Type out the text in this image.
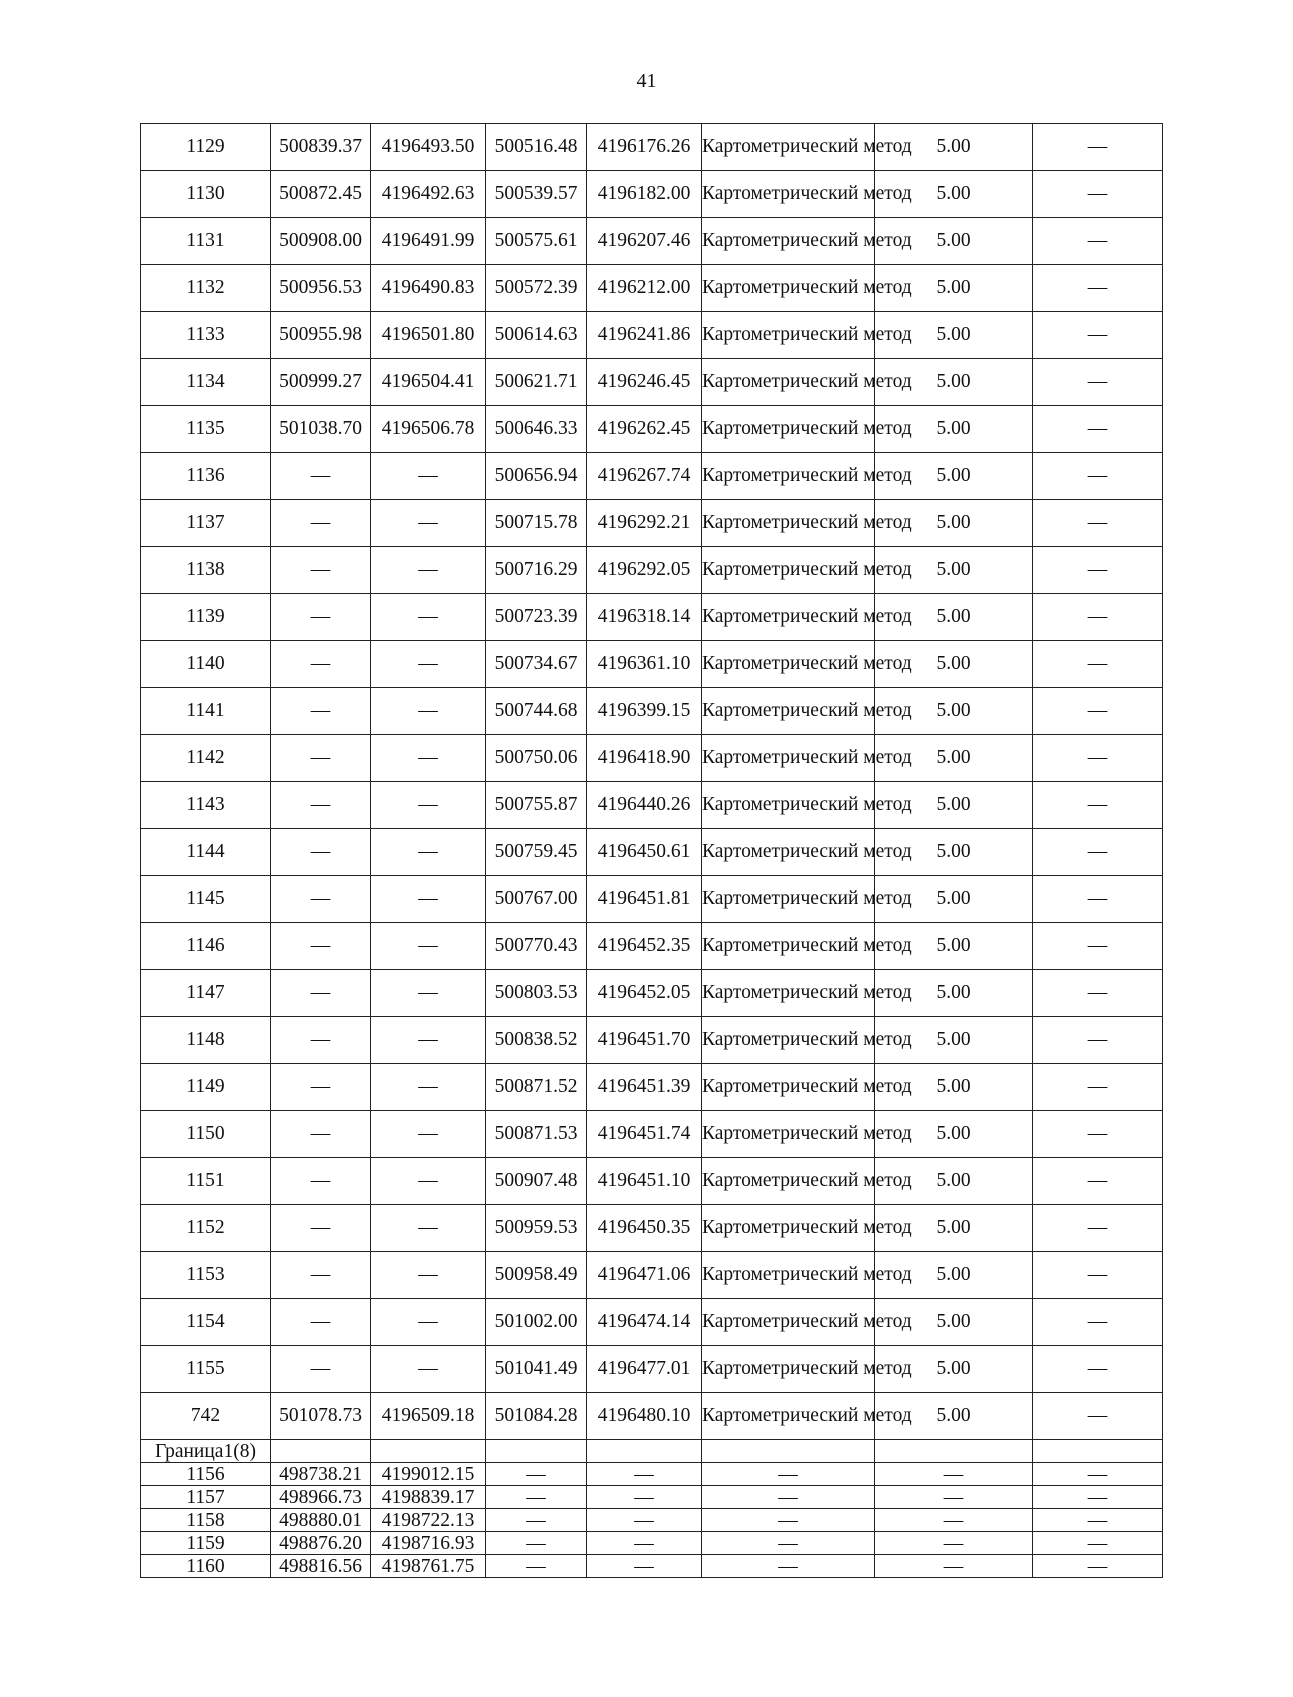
41
1129	500839.37	4196493.50	500516.48	4196176.26	Картометрический метод	5.00	—
1130	500872.45	4196492.63	500539.57	4196182.00	Картометрический метод	5.00	—
1131	500908.00	4196491.99	500575.61	4196207.46	Картометрический метод	5.00	—
1132	500956.53	4196490.83	500572.39	4196212.00	Картометрический метод	5.00	—
1133	500955.98	4196501.80	500614.63	4196241.86	Картометрический метод	5.00	—
1134	500999.27	4196504.41	500621.71	4196246.45	Картометрический метод	5.00	—
1135	501038.70	4196506.78	500646.33	4196262.45	Картометрический метод	5.00	—
1136	—	—	500656.94	4196267.74	Картометрический метод	5.00	—
1137	—	—	500715.78	4196292.21	Картометрический метод	5.00	—
1138	—	—	500716.29	4196292.05	Картометрический метод	5.00	—
1139	—	—	500723.39	4196318.14	Картометрический метод	5.00	—
1140	—	—	500734.67	4196361.10	Картометрический метод	5.00	—
1141	—	—	500744.68	4196399.15	Картометрический метод	5.00	—
1142	—	—	500750.06	4196418.90	Картометрический метод	5.00	—
1143	—	—	500755.87	4196440.26	Картометрический метод	5.00	—
1144	—	—	500759.45	4196450.61	Картометрический метод	5.00	—
1145	—	—	500767.00	4196451.81	Картометрический метод	5.00	—
1146	—	—	500770.43	4196452.35	Картометрический метод	5.00	—
1147	—	—	500803.53	4196452.05	Картометрический метод	5.00	—
1148	—	—	500838.52	4196451.70	Картометрический метод	5.00	—
1149	—	—	500871.52	4196451.39	Картометрический метод	5.00	—
1150	—	—	500871.53	4196451.74	Картометрический метод	5.00	—
1151	—	—	500907.48	4196451.10	Картометрический метод	5.00	—
1152	—	—	500959.53	4196450.35	Картометрический метод	5.00	—
1153	—	—	500958.49	4196471.06	Картометрический метод	5.00	—
1154	—	—	501002.00	4196474.14	Картометрический метод	5.00	—
1155	—	—	501041.49	4196477.01	Картометрический метод	5.00	—
742	501078.73	4196509.18	501084.28	4196480.10	Картометрический метод	5.00	—
Граница1(8)							
1156	498738.21	4199012.15	—	—	—	—	—
1157	498966.73	4198839.17	—	—	—	—	—
1158	498880.01	4198722.13	—	—	—	—	—
1159	498876.20	4198716.93	—	—	—	—	—
1160	498816.56	4198761.75	—	—	—	—	—
